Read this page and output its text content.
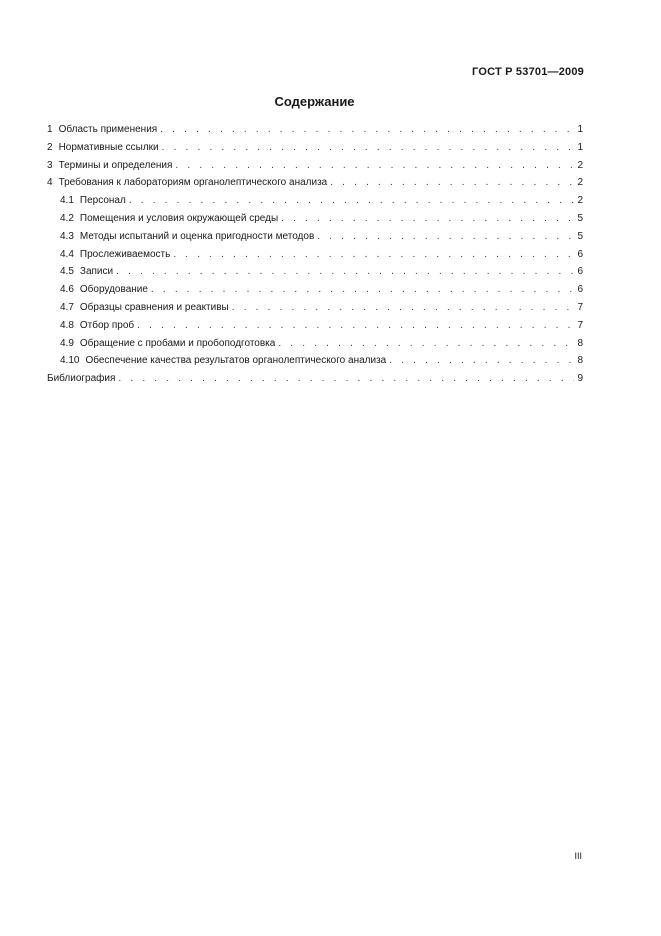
ГОСТ Р 53701—2009
Содержание
1 Область применения . . .	1
2 Нормативные ссылки . . .	1
3 Термины и определения . . .	2
4 Требования к лабораториям органолептического анализа . . .	2
4.1 Персонал . . .	2
4.2 Помещения и условия окружающей среды . . .	5
4.3 Методы испытаний и оценка пригодности методов . . .	5
4.4 Прослеживаемость . . .	6
4.5 Записи . . .	6
4.6 Оборудование . . .	6
4.7 Образцы сравнения и реактивы . . .	7
4.8 Отбор проб . . .	7
4.9 Обращение с пробами и пробоподготовка . . .	8
4.10 Обеспечение качества результатов органолептического анализа . . .	8
Библиография . . .	9
III
